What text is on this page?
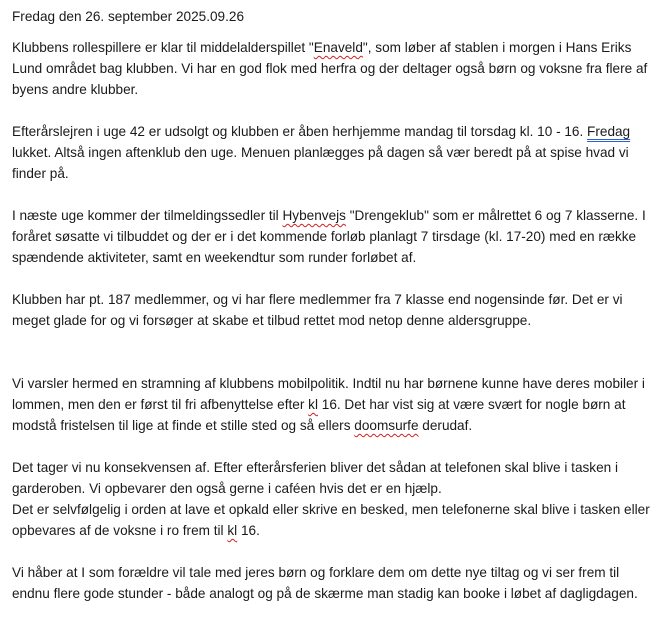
Fredag den 26. september 2025.09.26

Klubbens rollespillere er klar til middelalderspillet "Enaveld", som løber af stablen i morgen i Hans Eriks Lund området bag klubben. Vi har en god flok med herfra og der deltager også børn og voksne fra flere af byens andre klubber.

Efterårslejren i uge 42 er udsolgt og klubben er åben herhjemme mandag til torsdag kl. 10 - 16. Fredag lukket. Altså ingen aftenklub den uge. Menuen planlægges på dagen så vær beredt på at spise hvad vi finder på.

I næste uge kommer der tilmeldingssedler til Hybenvejs "Drengeklub" som er målrettet 6 og 7 klasserne. I foråret søsatte vi tilbuddet og der er i det kommende forløb planlagt 7 tirsdage (kl. 17-20) med en række spændende aktiviteter, samt en weekendtur som runder forløbet af.

Klubben har pt. 187 medlemmer, og vi har flere medlemmer fra 7 klasse end nogensinde før. Det er vi meget glade for og vi forsøger at skabe et tilbud rettet mod netop denne aldersgruppe.

Vi varsler hermed en stramning af klubbens mobilpolitik. Indtil nu har børnene kunne have deres mobiler i lommen, men den er først til fri afbenyttelse efter kl 16. Det har vist sig at være svært for nogle børn at modstå fristelsen til lige at finde et stille sted og så ellers doomsurfe derudaf.

Det tager vi nu konsekvensen af. Efter efterårsferien bliver det sådan at telefonen skal blive i tasken i garderoben. Vi opbevarer den også gerne i caféen hvis det er en hjælp.

Det er selvfølgelig i orden at lave et opkald eller skrive en besked, men telefonerne skal blive i tasken eller opbevares af de voksne i ro frem til kl 16.

Vi håber at I som forældre vil tale med jeres børn og forklare dem om dette nye tiltag og vi ser frem til endnu flere gode stunder - både analogt og på de skærme man stadig kan booke i løbet af dagligdagen.
